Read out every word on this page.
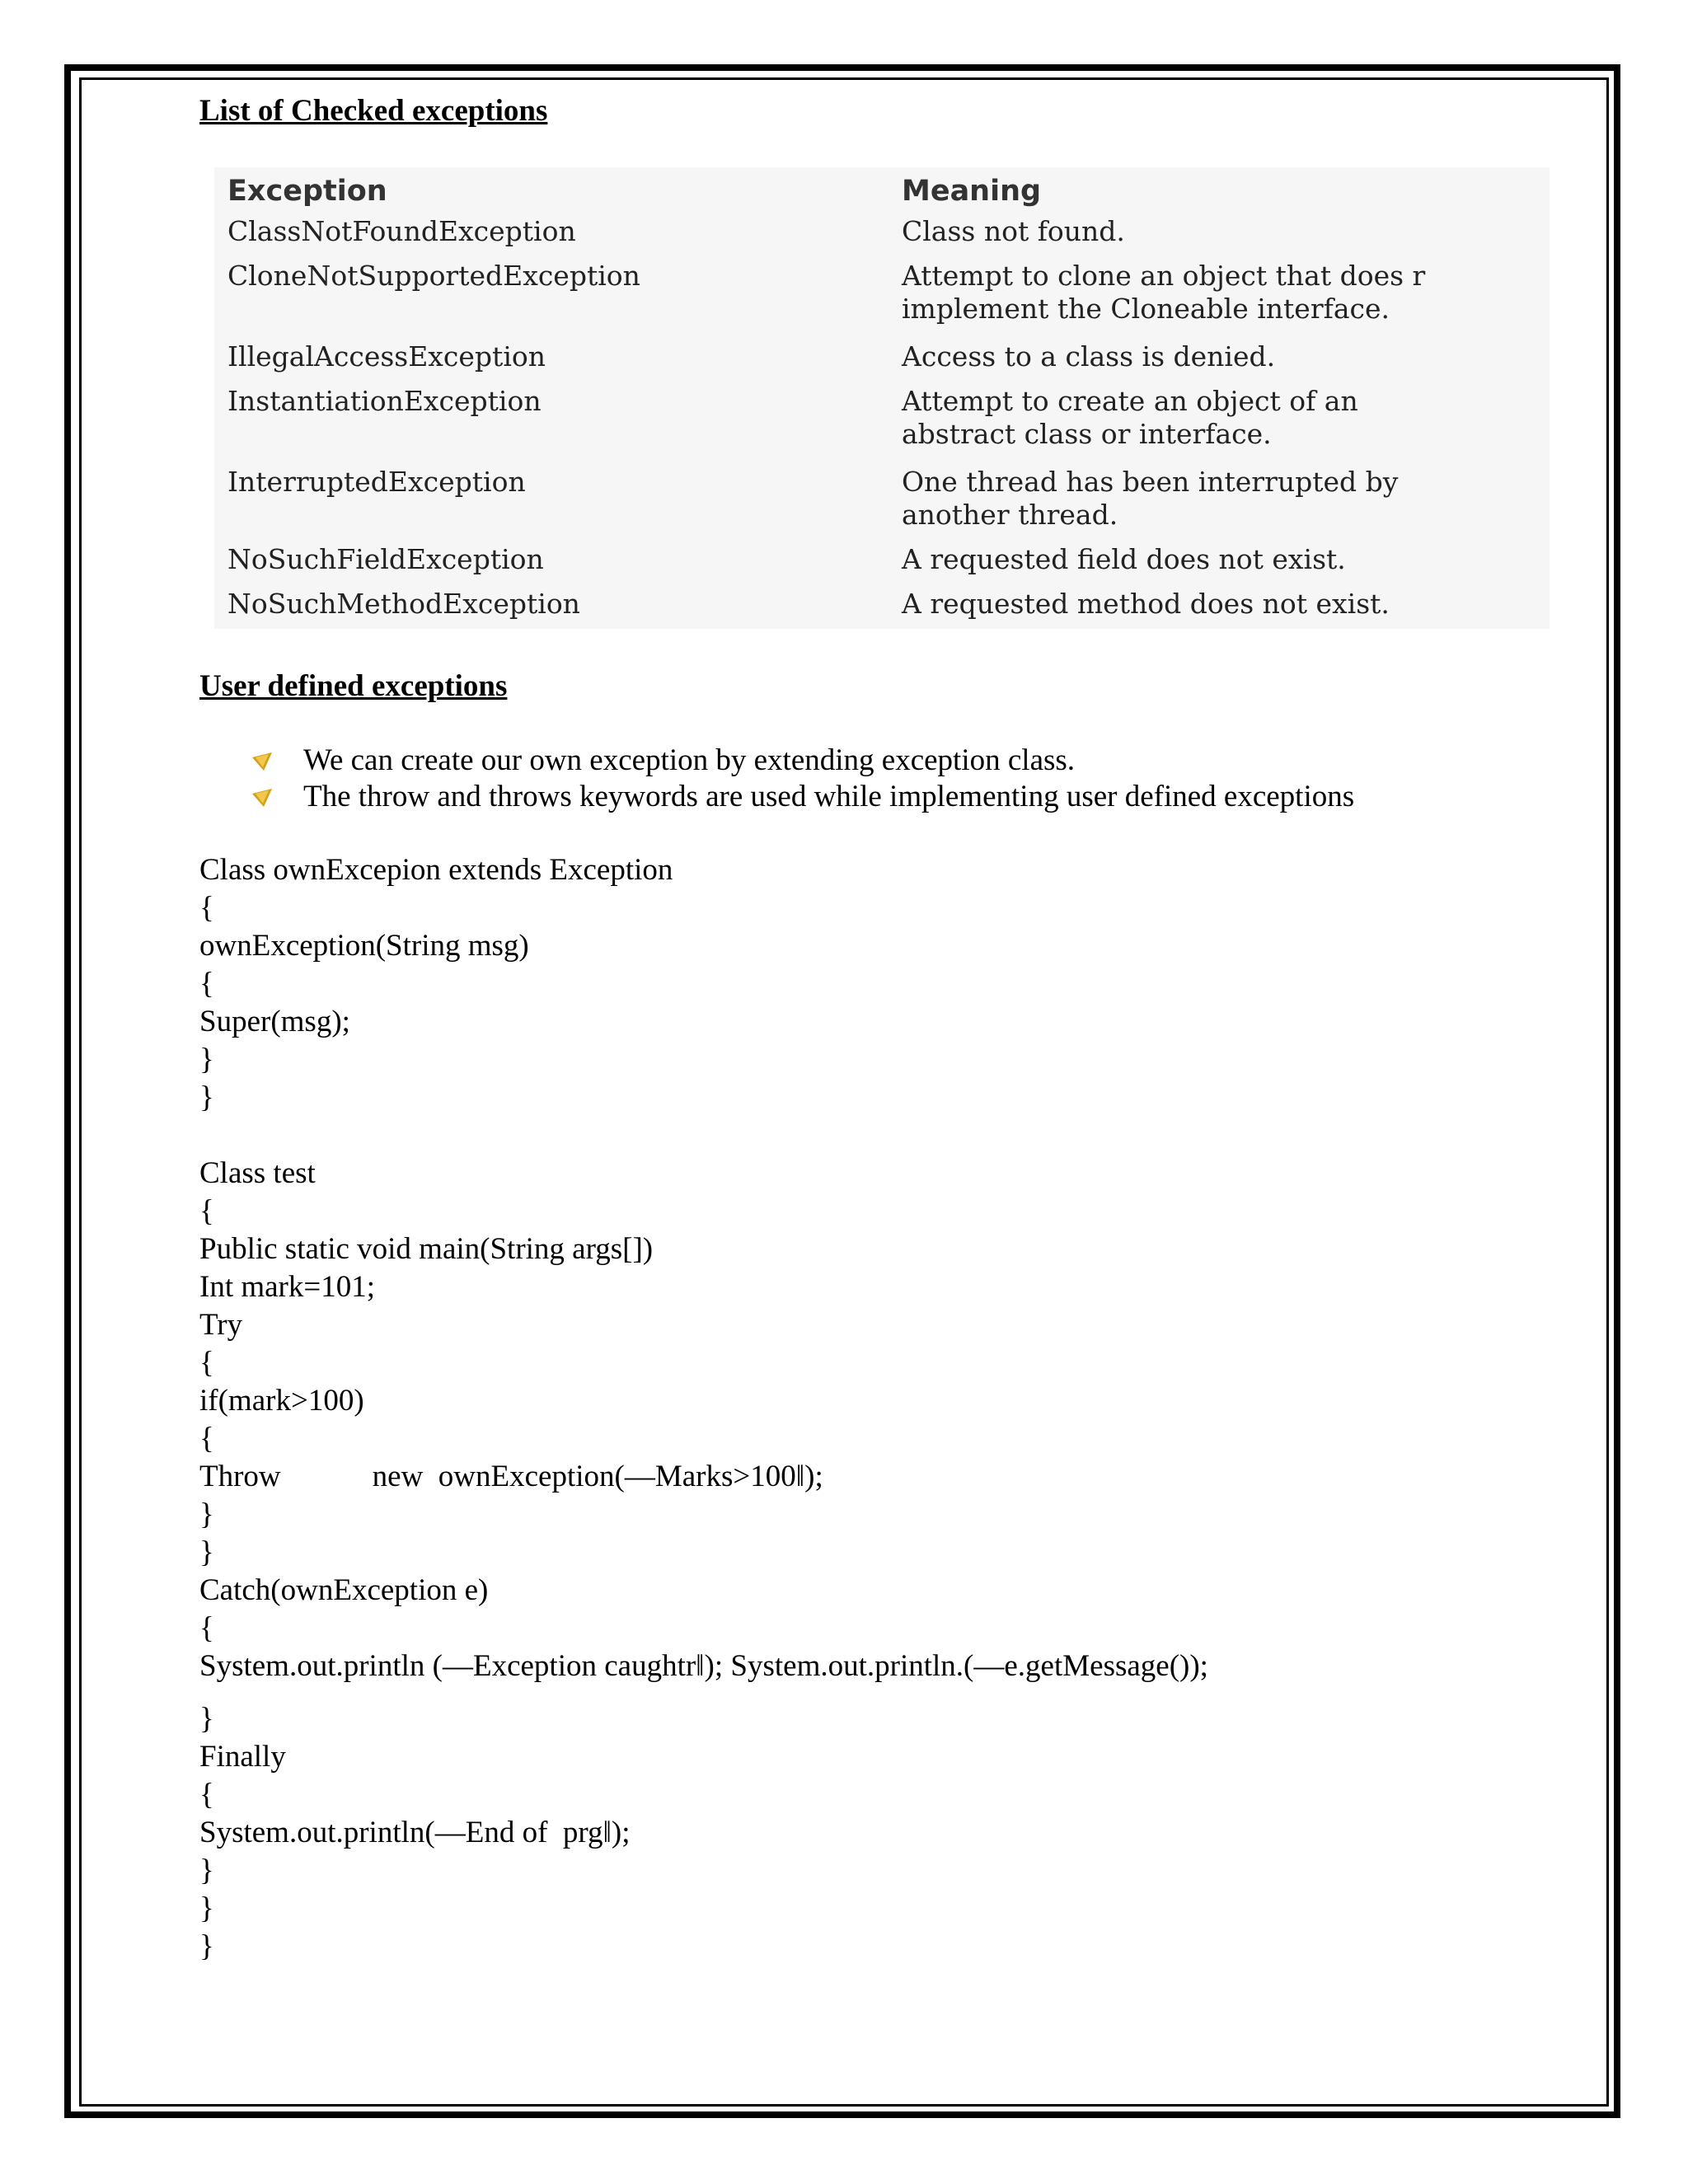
List of Checked exceptions
Exception	Meaning
ClassNotFoundException	Class not found.
CloneNotSupportedException	Attempt to clone an object that does r
implement the Cloneable interface.
IllegalAccessException	Access to a class is denied.
InstantiationException	Attempt to create an object of an
abstract class or interface.
InterruptedException	One thread has been interrupted by
another thread.
NoSuchFieldException	A requested field does not exist.
NoSuchMethodException	A requested method does not exist.
User defined exceptions
We can create our own exception by extending exception class.
The throw and throws keywords are used while implementing user defined exceptions
Class ownExcepion extends Exception
{
ownException(String msg)
{
Super(msg);
}
}
Class test
{
Public static void main(String args[])
Int mark=101;
Try
{
if(mark>100)
{
Throw            new  ownException(―Marks>100‖);
}
}
Catch(ownException e)
{
System.out.println (―Exception caughtr‖); System.out.println.(―e.getMessage());
}
Finally
{
System.out.println(―End of  prg‖);
}
}
}
